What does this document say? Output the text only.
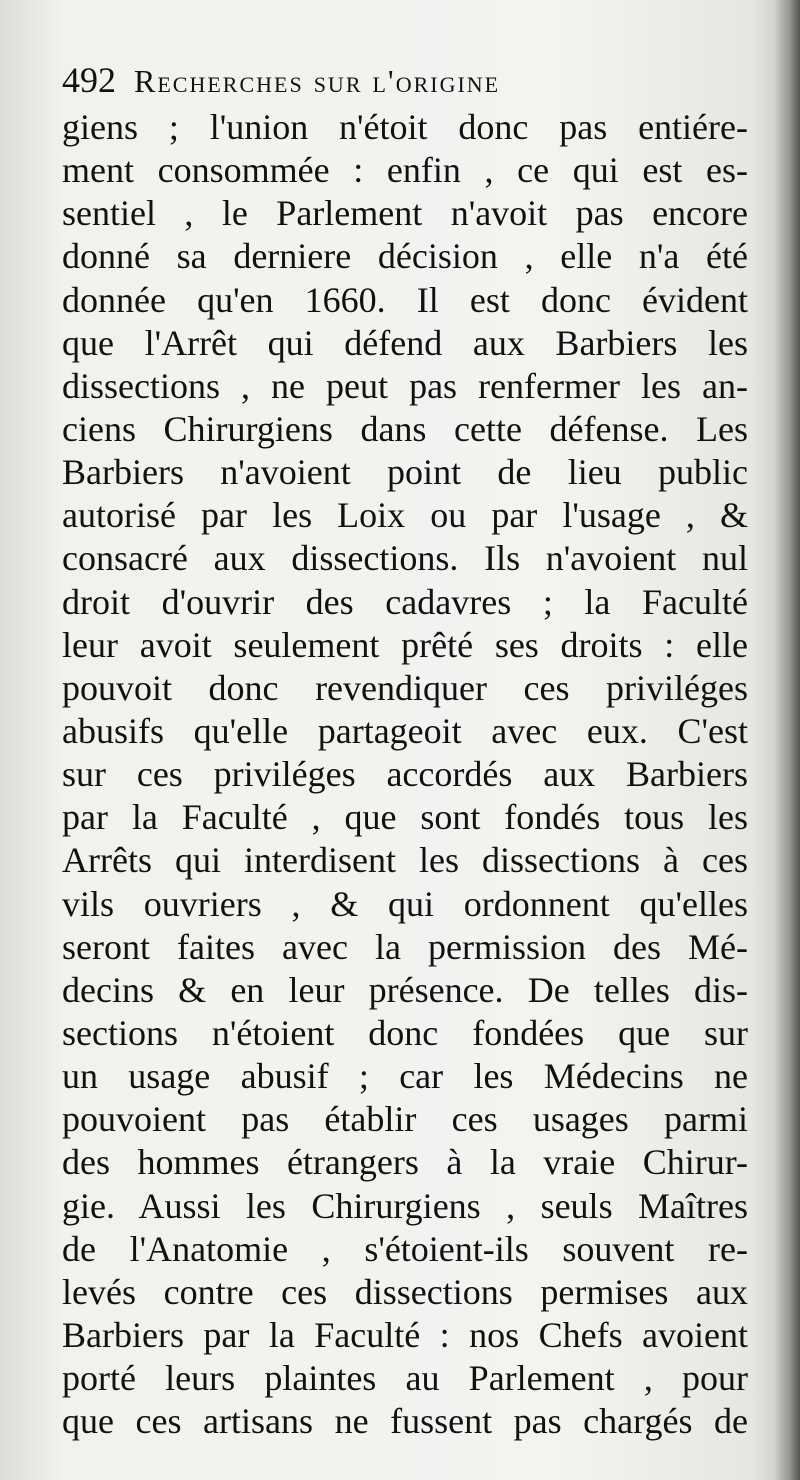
492 Recherches sur l'origine
giens ; l'union n'étoit donc pas entiére-
ment consommée : enfin , ce qui est es-
sentiel , le Parlement n'avoit pas encore
donné sa derniere décision , elle n'a été
donnée qu'en 1660. Il est donc évident
que l'Arrêt qui défend aux Barbiers les
dissections , ne peut pas renfermer les an-
ciens Chirurgiens dans cette défense. Les
Barbiers n'avoient point de lieu public
autorisé par les Loix ou par l'usage , &
consacré aux dissections. Ils n'avoient nul
droit d'ouvrir des cadavres ; la Faculté
leur avoit seulement prêté ses droits : elle
pouvoit donc revendiquer ces priviléges
abusifs qu'elle partageoit avec eux. C'est
sur ces priviléges accordés aux Barbiers
par la Faculté , que sont fondés tous les
Arrêts qui interdisent les dissections à ces
vils ouvriers , & qui ordonnent qu'elles
seront faites avec la permission des Mé-
decins & en leur présence. De telles dis-
sections n'étoient donc fondées que sur
un usage abusif ; car les Médecins ne
pouvoient pas établir ces usages parmi
des hommes étrangers à la vraie Chirur-
gie. Aussi les Chirurgiens , seuls Maîtres
de l'Anatomie , s'étoient-ils souvent re-
levés contre ces dissections permises aux
Barbiers par la Faculté : nos Chefs avoient
porté leurs plaintes au Parlement , pour
que ces artisans ne fussent pas chargés de
